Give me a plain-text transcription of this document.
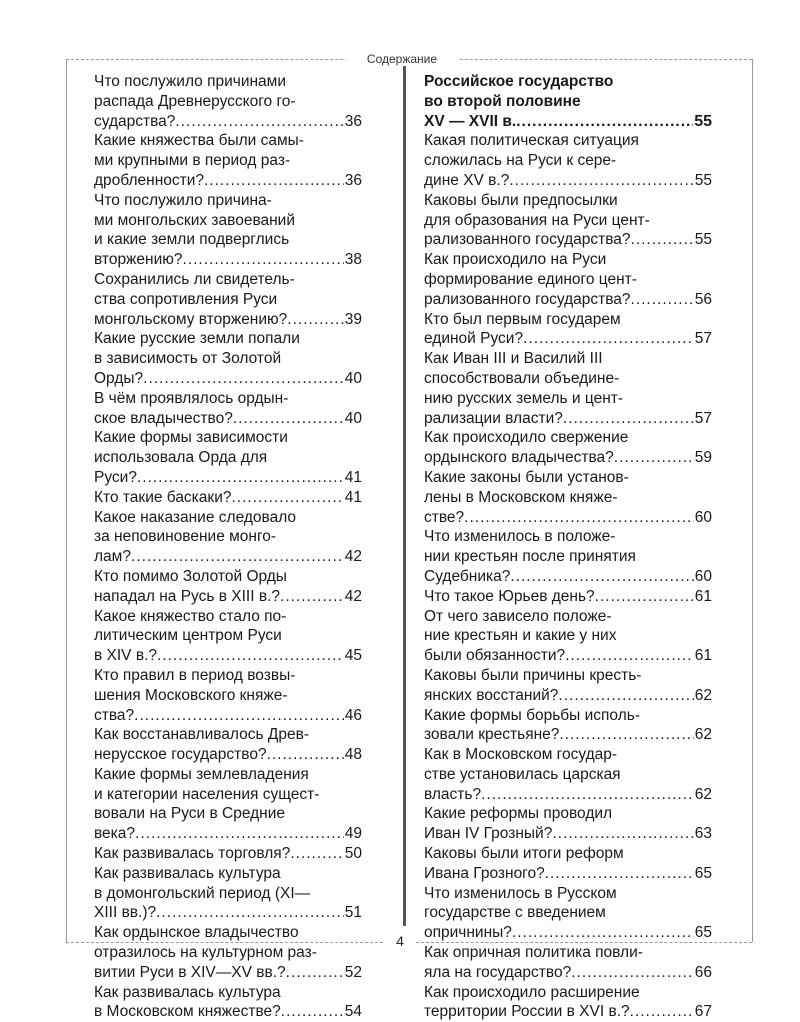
Содержание
Что послужило причинами
распада Древнерусского го-
сударства? .....	36
Какие княжества были самы-
ми крупными в период раз-
дробленности? .....	36
Что послужило причина-
ми монгольских завоеваний
и какие земли подверглись
вторжению? .....	38
Сохранились ли свидетель-
ства сопротивления Руси
монгольскому вторжению? .....	39
Какие русские земли попали
в зависимость от Золотой
Орды? .....	40
В чём проявлялось ордын-
ское владычество? .....	40
Какие формы зависимости
использовала Орда для
Руси? .....	41
Кто такие баскаки? .....	41
Какое наказание следовало
за неповиновение монго-
лам? .....	42
Кто помимо Золотой Орды
нападал на Русь в XIII в.? .....	42
Какое княжество стало по-
литическим центром Руси
в XIV в.? .....	45
Кто правил в период возвы-
шения Московского княже-
ства? .....	46
Как восстанавливалось Древ-
нерусское государство? .....	48
Какие формы землевладения
и категории населения сущест-
вовали на Руси в Средние
века? .....	49
Как развивалась торговля? .....	50
Как развивалась культура
в домонгольский период (XI—
XIII вв.)? .....	51
Как ордынское владычество
отразилось на культурном раз-
витии Руси в XIV—XV вв.? .....	52
Как развивалась культура
в Московском княжестве? .....	54
Российское государство
во второй половине
XV — XVII в. .....	55
Какая политическая ситуация
сложилась на Руси к сере-
дине XV в.? .....	55
Каковы были предпосылки
для образования на Руси цент-
рализованного государства? .....	55
Как происходило на Руси
формирование единого цент-
рализованного государства? .....	56
Кто был первым государем
единой Руси? .....	57
Как Иван III и Василий III
способствовали объедине-
нию русских земель и цент-
рализации власти? .....	57
Как происходило свержение
ордынского владычества? .....	59
Какие законы были установ-
лены в Московском княже-
стве? .....	60
Что изменилось в положе-
нии крестьян после принятия
Судебника? .....	60
Что такое Юрьев день? .....	61
От чего зависело положе-
ние крестьян и какие у них
были обязанности? .....	61
Каковы были причины кресть-
янских восстаний? .....	62
Какие формы борьбы исполь-
зовали крестьяне? .....	62
Как в Московском государ-
стве установилась царская
власть? .....	62
Какие реформы проводил
Иван IV Грозный? .....	63
Каковы были итоги реформ
Ивана Грозного? .....	65
Что изменилось в Русском
государстве с введением
опричнины? .....	65
Как опричная политика повли-
яла на государство? .....	66
Как происходило расширение
территории России в XVI в.? .....	67
4
